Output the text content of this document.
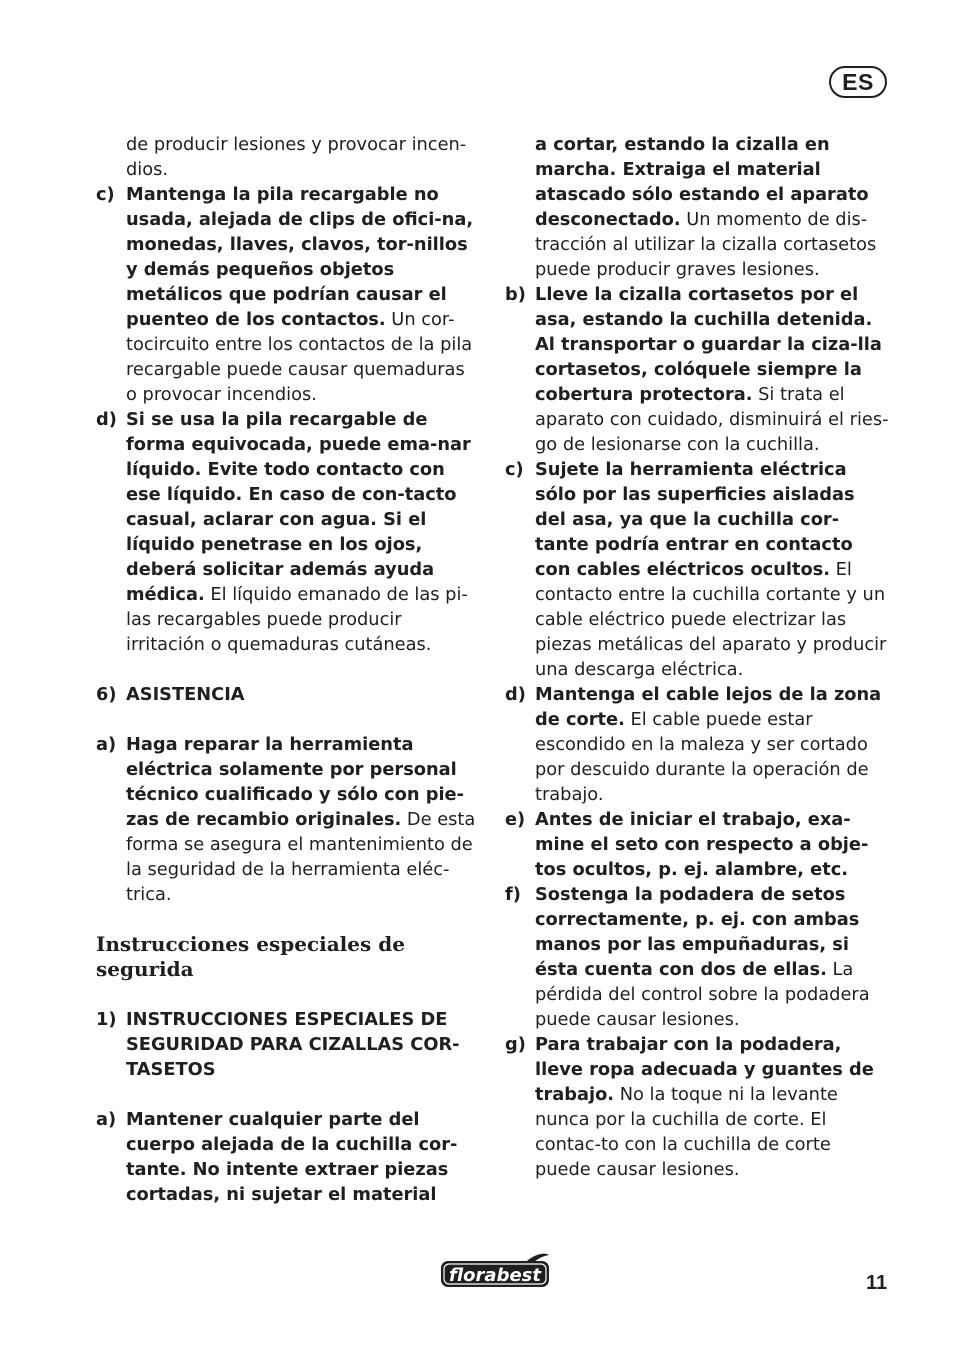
ES
de producir lesiones y provocar incen-dios.
c) Mantenga la pila recargable no usada, alejada de clips de ofici-na, monedas, llaves, clavos, tor-nillos y demás pequeños objetos metálicos que podrían causar el puenteo de los contactos. Un cor-tocircuito entre los contactos de la pila recargable puede causar quemaduras o provocar incendios.
d) Si se usa la pila recargable de forma equivocada, puede ema-nar líquido. Evite todo contacto con ese líquido. En caso de con-tacto casual, aclarar con agua. Si el líquido penetrase en los ojos, deberá solicitar además ayuda médica. El líquido emanado de las pi-las recargables puede producir irritación o quemaduras cutáneas.
6) ASISTENCIA
a) Haga reparar la herramienta eléctrica solamente por personal técnico cualificado y sólo con pie-zas de recambio originales. De esta forma se asegura el mantenimiento de la seguridad de la herramienta eléc-trica.
Instrucciones especiales de segurida
1) INSTRUCCIONES ESPECIALES DE SEGURIDAD PARA CIZALLAS COR-TASETOS
a) Mantener cualquier parte del cuerpo alejada de la cuchilla cor-tante. No intente extraer piezas cortadas, ni sujetar el material
a cortar, estando la cizalla en marcha. Extraiga el material atascado sólo estando el aparato desconectado. Un momento de dis-tracción al utilizar la cizalla cortasetos puede producir graves lesiones.
b) Lleve la cizalla cortasetos por el asa, estando la cuchilla detenida. Al transportar o guardar la ciza-lla cortasetos, colóquele siempre la cobertura protectora. Si trata el aparato con cuidado, disminuirá el ries-go de lesionarse con la cuchilla.
c) Sujete la herramienta eléctrica sólo por las superficies aisladas del asa, ya que la cuchilla cor-tante podría entrar en contacto con cables eléctricos ocultos. El contacto entre la cuchilla cortante y un cable eléctrico puede electrizar las piezas metálicas del aparato y producir una descarga eléctrica.
d) Mantenga el cable lejos de la zona de corte. El cable puede estar escondido en la maleza y ser cortado por descuido durante la operación de trabajo.
e) Antes de iniciar el trabajo, exa-mine el seto con respecto a obje-tos ocultos, p. ej. alambre, etc.
f) Sostenga la podadera de setos correctamente, p. ej. con ambas manos por las empuñaduras, si ésta cuenta con dos de ellas. La pérdida del control sobre la podadera puede causar lesiones.
g) Para trabajar con la podadera, lleve ropa adecuada y guantes de trabajo. No la toque ni la levante nunca por la cuchilla de corte. El contac-to con la cuchilla de corte puede causar lesiones.
florabest	11
